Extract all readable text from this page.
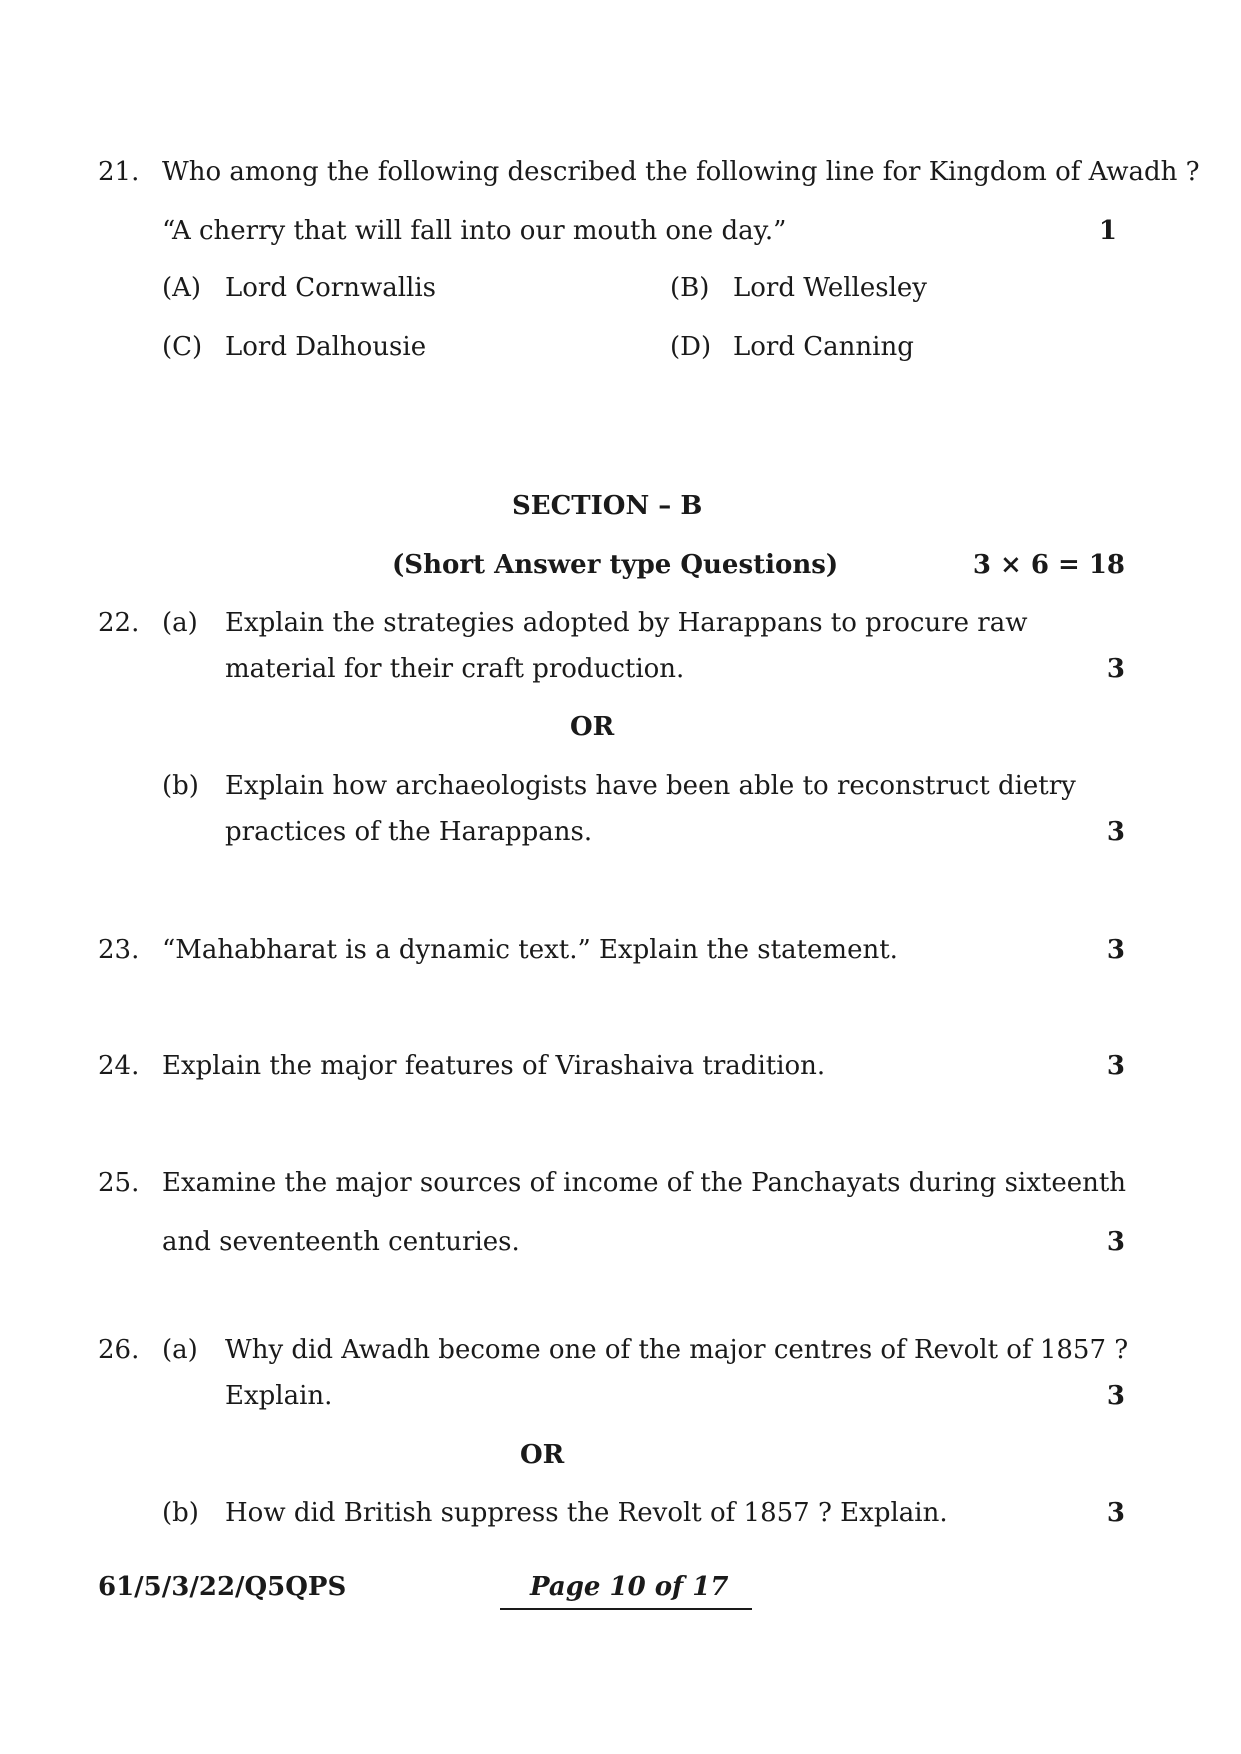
21. Who among the following described the following line for Kingdom of Awadh ?
“A cherry that will fall into our mouth one day.”	1
(A) Lord Cornwallis	(B) Lord Wellesley
(C) Lord Dalhousie	(D) Lord Canning
SECTION – B
(Short Answer type Questions)	3 × 6 = 18
22. (a) Explain the strategies adopted by Harappans to procure raw
material for their craft production.	3
OR
(b) Explain how archaeologists have been able to reconstruct dietry
practices of the Harappans.	3
23. “Mahabharat is a dynamic text.” Explain the statement.	3
24. Explain the major features of Virashaiva tradition.	3
25. Examine the major sources of income of the Panchayats during sixteenth
and seventeenth centuries.	3
26. (a) Why did Awadh become one of the major centres of Revolt of 1857 ?
Explain.	3
OR
(b) How did British suppress the Revolt of 1857 ? Explain.	3
61/5/3/22/Q5QPS	Page 10 of 17
